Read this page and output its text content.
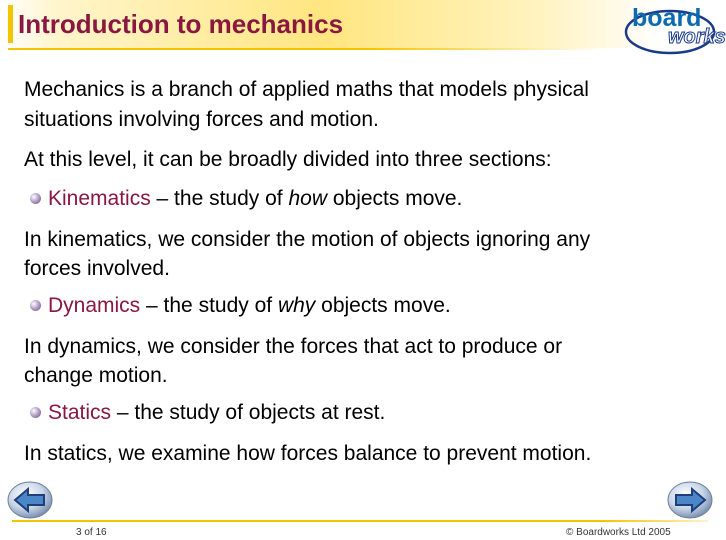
Introduction to mechanics	board
works
Mechanics is a branch of applied maths that models physical
situations involving forces and motion.
At this level, it can be broadly divided into three sections:
Kinematics – the study of how objects move.
In kinematics, we consider the motion of objects ignoring any
forces involved.
Dynamics – the study of why objects move.
In dynamics, we consider the forces that act to produce or
change motion.
Statics – the study of objects at rest.
In statics, we examine how forces balance to prevent motion.
3 of 16	© Boardworks Ltd 2005
